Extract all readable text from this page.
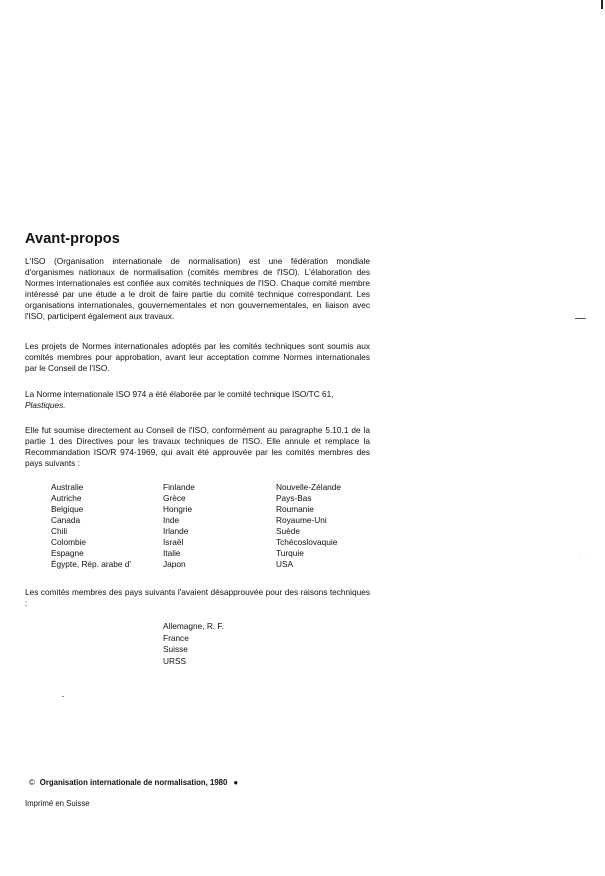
· ·
Avant-propos

L'ISO (Organisation internationale de normalisation) est une fédération mondiale d'organismes nationaux de normalisation (comités membres de l'ISO). L'élaboration des Normes internationales est confiée aux comités techniques de l'ISO. Chaque comité membre intéressé par une étude a le droit de faire partie du comité technique correspondant. Les organisations internationales, gouvernementales et non gouvernementales, en liaison avec l'ISO, participent également aux travaux.

Les projets de Normes internationales adoptés par les comités techniques sont soumis aux comités membres pour approbation, avant leur acceptation comme Normes internationales par le Conseil de l'ISO.

La Norme internationale ISO 974 a été élaborée par le comité technique ISO/TC 61,
Plastiques.

Elle fut soumise directement au Conseil de l'ISO, conformément au paragraphe 5.10.1 de la partie 1 des Directives pour les travaux techniques de l'ISO. Elle annule et remplace la Recommandation ISO/R 974-1969, qui avait été approuvée par les comités membres des pays suivants :

Australie
Autriche
Belgique
Canada
Chili
Colombie
Espagne
Égypte, Rép. arabe d'
Finlande
Grèce
Hongrie
Inde
Irlande
Israël
Italie
Japon
Nouvelle-Zélande
Pays-Bas
Roumanie
Royaume-Uni
Suède
Tchécoslovaquie
Turquie
USA

Les comités membres des pays suivants l'avaient désapprouvée pour des raisons techniques :

Allemagne, R. F.
France
Suisse
URSS
© Organisation internationale de normalisation, 1980 ●
Imprimé en Suisse
